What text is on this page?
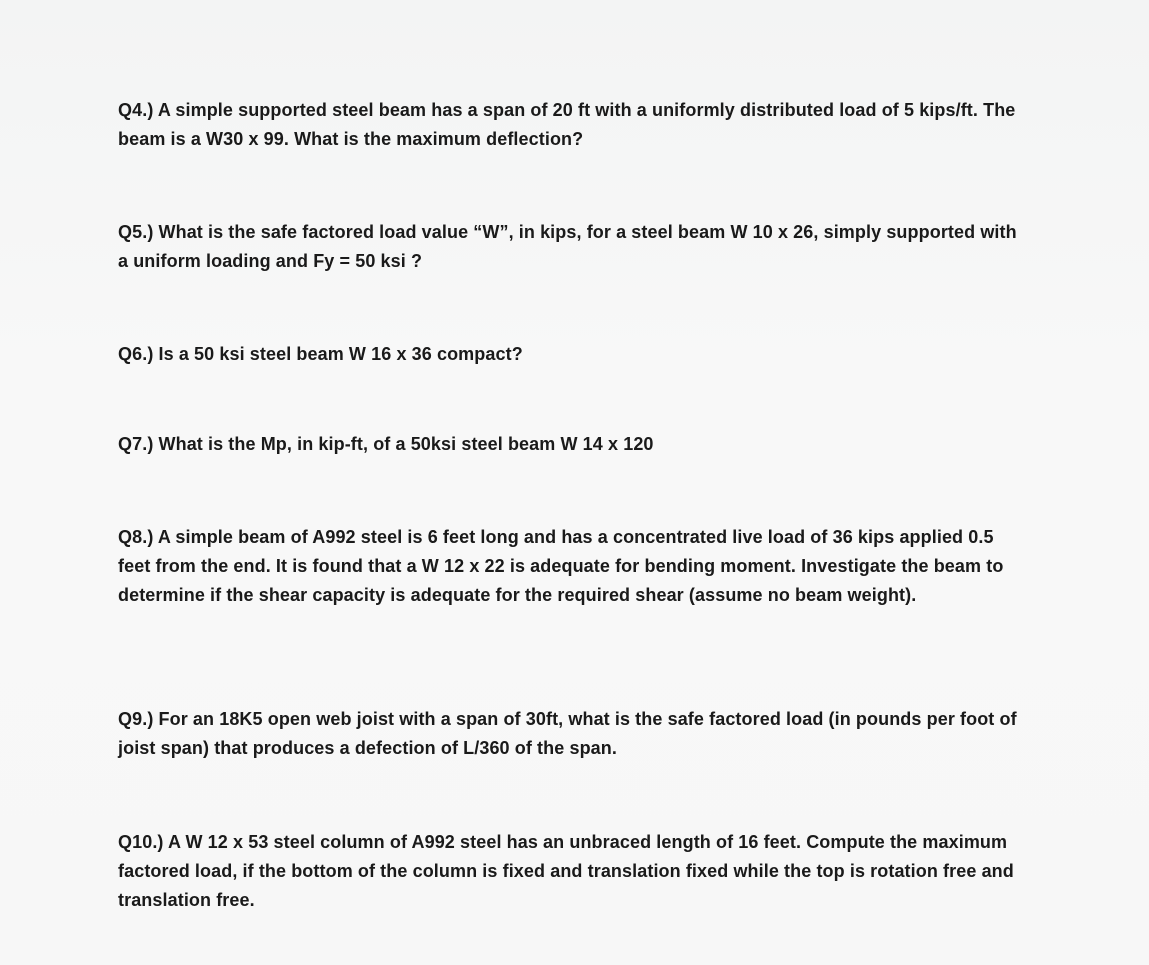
Q4.) A simple supported steel beam has a span of 20 ft with a uniformly distributed load of 5 kips/ft. The beam is a W30 x 99. What is the maximum deflection?

Q5.) What is the safe factored load value “W”, in kips, for a steel beam W 10 x 26, simply supported with a uniform loading and Fy = 50 ksi ?

Q6.) Is a 50 ksi steel beam W 16 x 36 compact?

Q7.) What is the Mp, in kip-ft, of a 50ksi steel beam W 14 x 120

Q8.) A simple beam of A992 steel is 6 feet long and has a concentrated live load of 36 kips applied 0.5 feet from the end. It is found that a W 12 x 22 is adequate for bending moment. Investigate the beam to determine if the shear capacity is adequate for the required shear (assume no beam weight).

Q9.) For an 18K5 open web joist with a span of 30ft, what is the safe factored load (in pounds per foot of joist span) that produces a defection of L/360 of the span.

Q10.) A W 12 x 53 steel column of A992 steel has an unbraced length of 16 feet. Compute the maximum factored load, if the bottom of the column is fixed and translation fixed while the top is rotation free and translation free.
